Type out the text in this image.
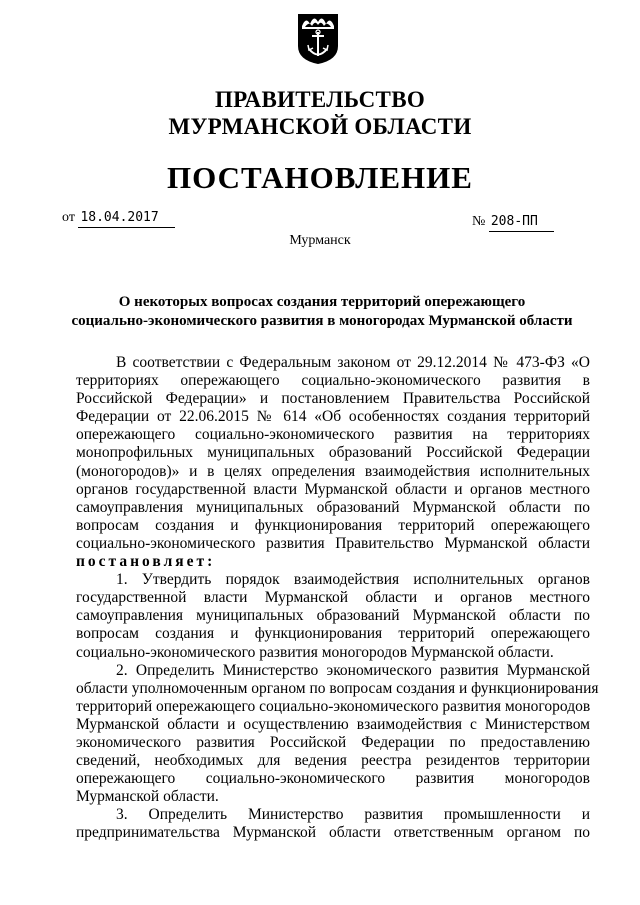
ПРАВИТЕЛЬСТВО
МУРМАНСКОЙ ОБЛАСТИ
ПОСТАНОВЛЕНИЕ
от 18.04.2017	№ 208-ПП
Мурманск
О некоторых вопросах создания территорий опережающего
социально-экономического развития в моногородах Мурманской области
В соответствии с Федеральным законом от 29.12.2014 № 473-ФЗ «О
территориях опережающего социально-экономического развития в
Российской Федерации» и постановлением Правительства Российской
Федерации от 22.06.2015 № 614 «Об особенностях создания территорий
опережающего социально-экономического развития на территориях
монопрофильных муниципальных образований Российской Федерации
(моногородов)» и в целях определения взаимодействия исполнительных
органов государственной власти Мурманской области и органов местного
самоуправления муниципальных образований Мурманской области по
вопросам создания и функционирования территорий опережающего
социально-экономического развития Правительство Мурманской области
постановляет:
1. Утвердить порядок взаимодействия исполнительных органов
государственной власти Мурманской области и органов местного
самоуправления муниципальных образований Мурманской области по
вопросам создания и функционирования территорий опережающего
социально-экономического развития моногородов Мурманской области.
2. Определить Министерство экономического развития Мурманской
области уполномоченным органом по вопросам создания и функционирования
территорий опережающего социально-экономического развития моногородов
Мурманской области и осуществлению взаимодействия с Министерством
экономического развития Российской Федерации по предоставлению
сведений, необходимых для ведения реестра резидентов территории
опережающего социально-экономического развития моногородов
Мурманской области.
3. Определить Министерство развития промышленности и
предпринимательства Мурманской области ответственным органом по
